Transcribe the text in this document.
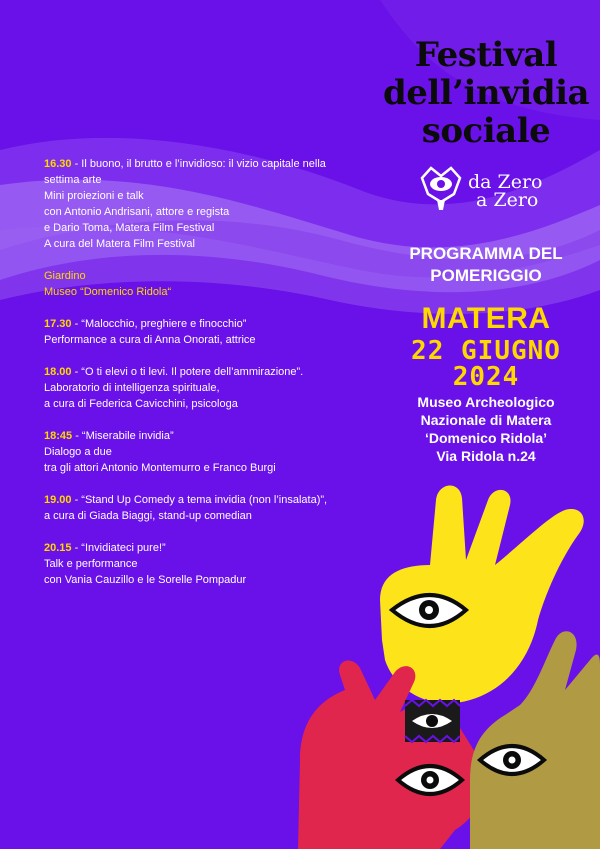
Festival
dell’invidia
sociale
da Zero
a Zero
PROGRAMMA DEL
POMERIGGIO
MATERA
22 GIUGNO
2024
Museo Archeologico
Nazionale di Matera
‘Domenico Ridola’
Via Ridola n.24
16.30 - Il buono, il brutto e l’invidioso: il vizio capitale nella
settima arte
Mini proiezioni e talk
con Antonio Andrisani, attore e regista
e Dario Toma, Matera Film Festival
A cura del Matera Film Festival
Giardino
Museo “Domenico Ridola“
17.30 - “Malocchio, preghiere e finocchio”
Performance a cura di Anna Onorati, attrice
18.00 - “O ti elevi o ti levi. Il potere dell’ammirazione”.
Laboratorio di intelligenza spirituale,
a cura di Federica Cavicchini, psicologa
18:45 - “Miserabile invidia”
Dialogo a due
tra gli attori Antonio Montemurro e Franco Burgi
19.00 - “Stand Up Comedy a tema invidia (non l’insalata)”,
a cura di Giada Biaggi, stand-up comedian
20.15 - “Invidiateci pure!”
Talk e performance
con Vania Cauzillo e le Sorelle Pompadur
